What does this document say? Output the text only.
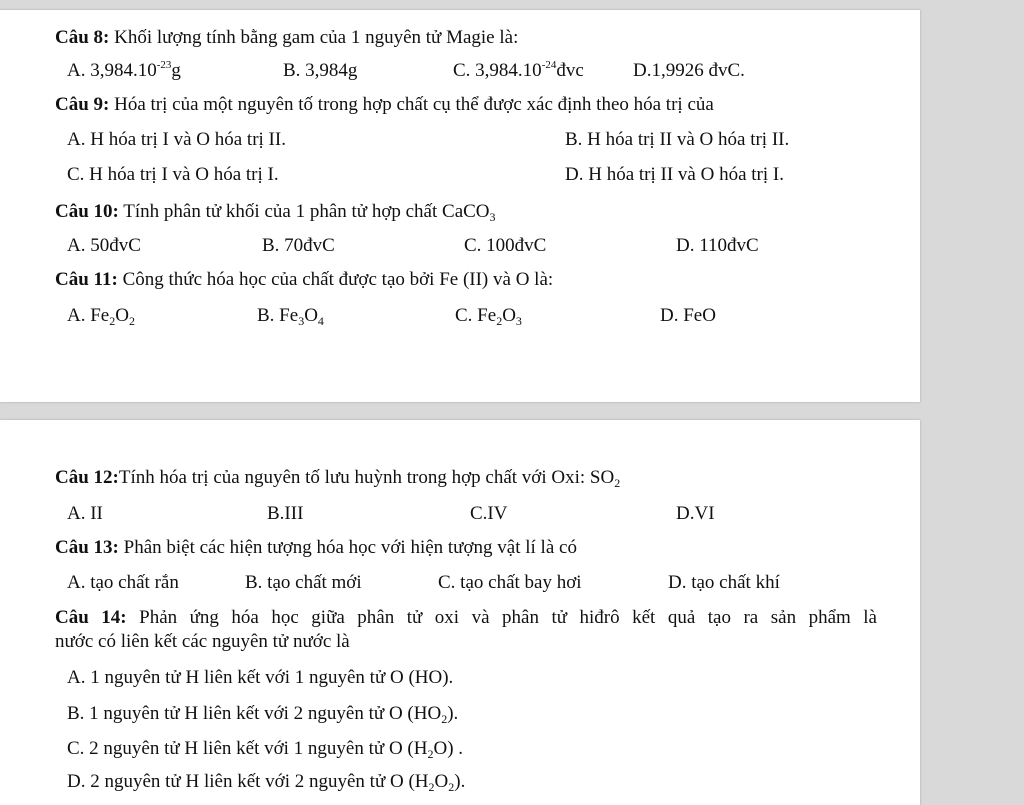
Câu 8: Khối lượng tính bằng gam của 1 nguyên tử Magie là:
A. $3,984.10^{-23}g$	B. 3,984g	C. $3,984.10^{-24}đvc$	D.1,9926 đvC.
Câu 9: Hóa trị của một nguyên tố trong hợp chất cụ thể được xác định theo hóa trị của
A. H hóa trị I và O hóa trị II.	B. H hóa trị II và O hóa trị II.
C. H hóa trị I và O hóa trị I.	D. H hóa trị II và O hóa trị I.
Câu 10: Tính phân tử khối của 1 phân tử hợp chất CaCO$_3$
A. 50đvC	B. 70đvC	C. 100đvC	D. 110đvC
Câu 11: Công thức hóa học của chất được tạo bởi Fe (II) và O là:
A. $Fe_2O_2$	B. $Fe_3O_4$	C. $Fe_2O_3$	D. FeO
Câu 12:Tính hóa trị của nguyên tố lưu huỳnh trong hợp chất với Oxi: $SO_2$
A. II	B.III	C.IV	D.VI
Câu 13: Phân biệt các hiện tượng hóa học với hiện tượng vật lí là có
A. tạo chất rắn	B. tạo chất mới	C. tạo chất bay hơi	D. tạo chất khí
Câu 14: Phản ứng hóa học giữa phân tử oxi và phân tử hiđrô kết quả tạo ra sản phẩm là
nước có liên kết các nguyên tử nước là
A. 1 nguyên tử H liên kết với 1 nguyên tử O (HO).
B. 1 nguyên tử H liên kết với 2 nguyên tử O $(HO_2)$.
C. 2 nguyên tử H liên kết với 1 nguyên tử O $(H_2O)$ .
D. 2 nguyên tử H liên kết với 2 nguyên tử O $(H_2O_2)$.
